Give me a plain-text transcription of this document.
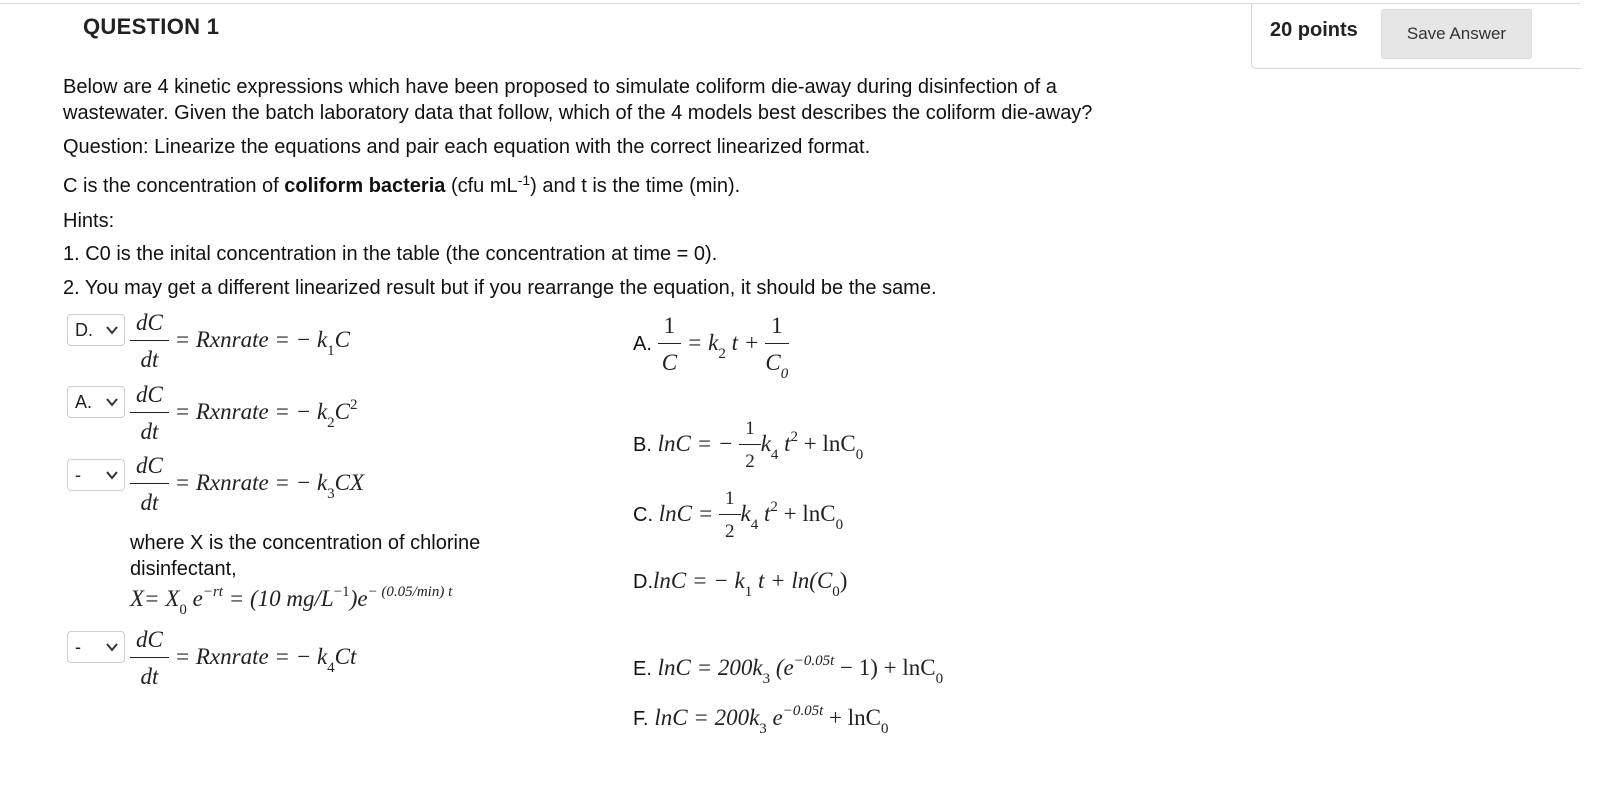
QUESTION 1	20 points	Save Answer
Below are 4 kinetic expressions which have been proposed to simulate coliform die-away during disinfection of a
wastewater. Given the batch laboratory data that follow, which of the 4 models best describes the coliform die-away?
Question: Linearize the equations and pair each equation with the correct linearized format.
C is the concentration of coliform bacteria (cfu $mL^{-1}$) and t is the time (min).
Hints:
1. C0 is the inital concentration in the table (the concentration at time = 0).
2. You may get a different linearized result but if you rearrange the equation, it should be the same.
D.
A.
-
-
$\frac{dC}{dt}$ = Rxnrate = − $k_1C$
$\frac{dC}{dt}$ = Rxnrate = − $k_2C^2$
$\frac{dC}{dt}$ = Rxnrate = − $k_3CX$
where X is the concentration of chlorine
disinfectant,
$X= X_0$ $e^{-rt} = (10$ $mg/L^{-1})e^{- (0.05/min) t}$
$\frac{dC}{dt}$ = Rxnrate = − $k_4Ct$
A. $\frac{1}{C} = k_2$ $t + \frac{1}{C_0}$
B. lnC = − $\frac{1}{2} k_4$ $t^2 + \ln C_0$
C. $\ln C = \frac{1}{2} k_4$ $t^2 + \ln C_0$
D.lnC = − $k_1$ $t + \ln(C_0)$
E. $\ln C = 200k_3$ $(e^{-0.05t} - 1) + \ln C_0$
F. $\ln C = 200k_3$ $e^{-0.05t} + \ln C_0$
